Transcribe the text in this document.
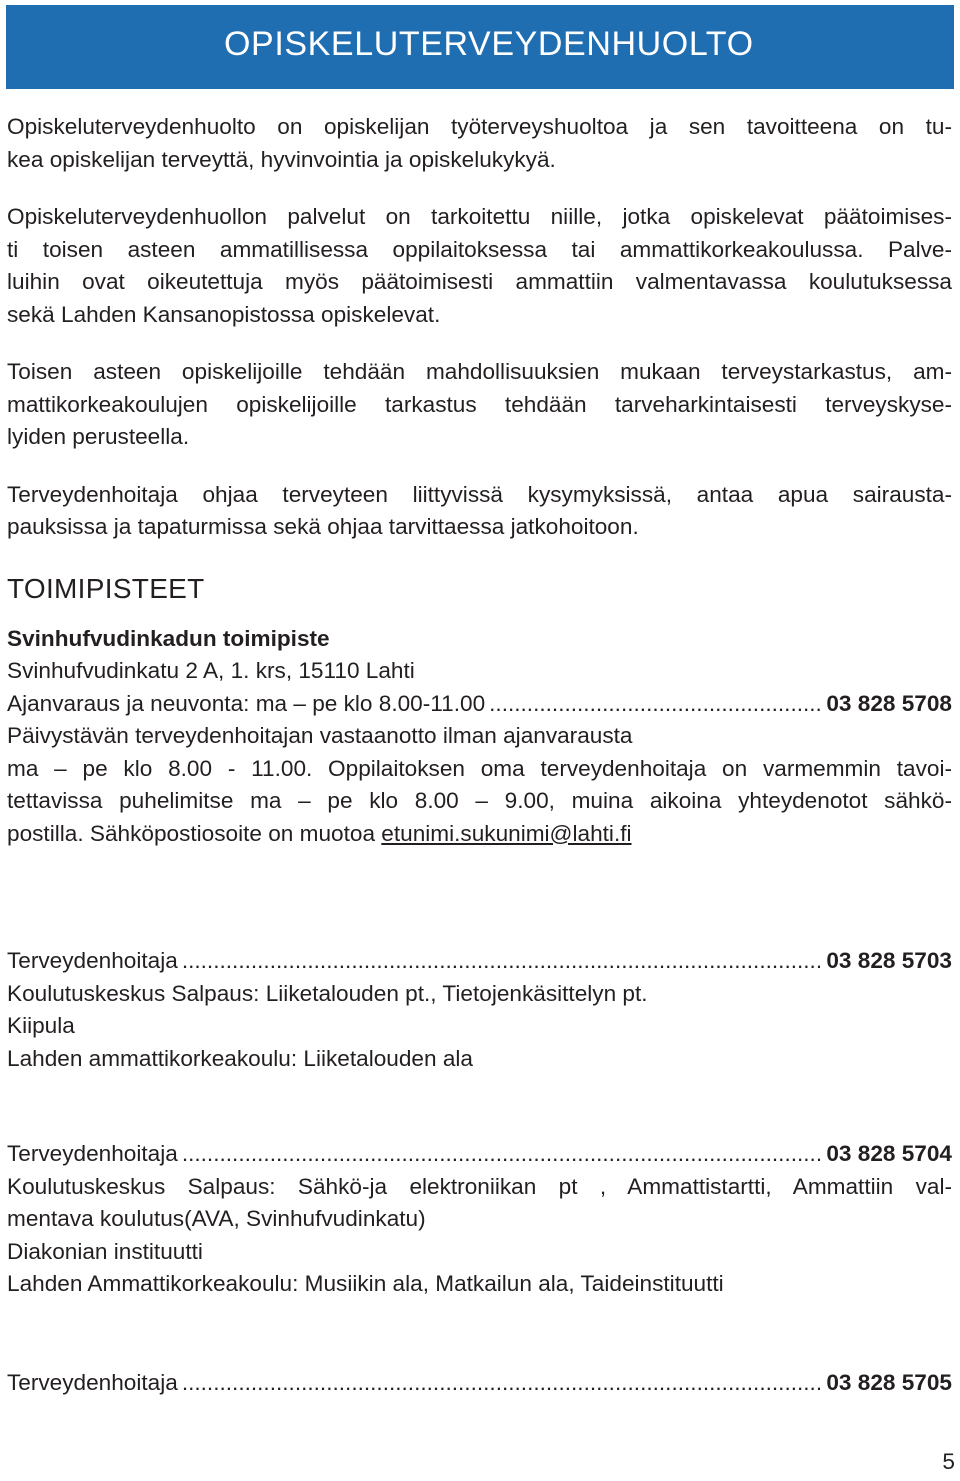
OPISKELUTERVEYDENHUOLTO

Opiskeluterveydenhuolto on opiskelijan työterveyshuoltoa ja sen tavoitteena on tu-
kea opiskelijan terveyttä, hyvinvointia ja opiskelukykyä.

Opiskeluterveydenhuollon palvelut on tarkoitettu niille, jotka opiskelevat päätoimises-
ti toisen asteen ammatillisessa oppilaitoksessa tai ammattikorkeakoulussa. Palve-
luihin ovat oikeutettuja myös päätoimisesti ammattiin valmentavassa koulutuksessa
sekä Lahden Kansanopistossa opiskelevat.

Toisen asteen opiskelijoille tehdään mahdollisuuksien mukaan terveystarkastus, am-
mattikorkeakoulujen opiskelijoille tarkastus tehdään tarveharkintaisesti terveyskyse-
lyiden perusteella.

Terveydenhoitaja ohjaa terveyteen liittyvissä kysymyksissä, antaa apua sairausta-
pauksissa ja tapaturmissa sekä ohjaa tarvittaessa jatkohoitoon.

TOIMIPISTEET
Svinhufvudinkadun toimipiste
Svinhufvudinkatu 2 A, 1. krs, 15110 Lahti
Ajanvaraus ja neuvonta: ma – pe klo 8.00-11.00 .....	03 828 5708
Päivystävän terveydenhoitajan vastaanotto ilman ajanvarausta
ma – pe klo 8.00 - 11.00. Oppilaitoksen oma terveydenhoitaja on varmemmin tavoi-
tettavissa puhelimitse ma – pe klo 8.00 – 9.00, muina aikoina yhteydenotot sähkö-
postilla. Sähköpostiosoite on muotoa etunimi.sukunimi@lahti.fi
Terveydenhoitaja .....	03 828 5703
Koulutuskeskus Salpaus: Liiketalouden pt., Tietojenkäsittelyn pt.
Kiipula
Lahden ammattikorkeakoulu: Liiketalouden ala
Terveydenhoitaja .....	03 828 5704
Koulutuskeskus Salpaus: Sähkö-ja elektroniikan pt , Ammattistartti, Ammattiin val-
mentava koulutus(AVA, Svinhufvudinkatu)
Diakonian instituutti
Lahden Ammattikorkeakoulu: Musiikin ala, Matkailun ala, Taideinstituutti
Terveydenhoitaja .....	03 828 5705
5
